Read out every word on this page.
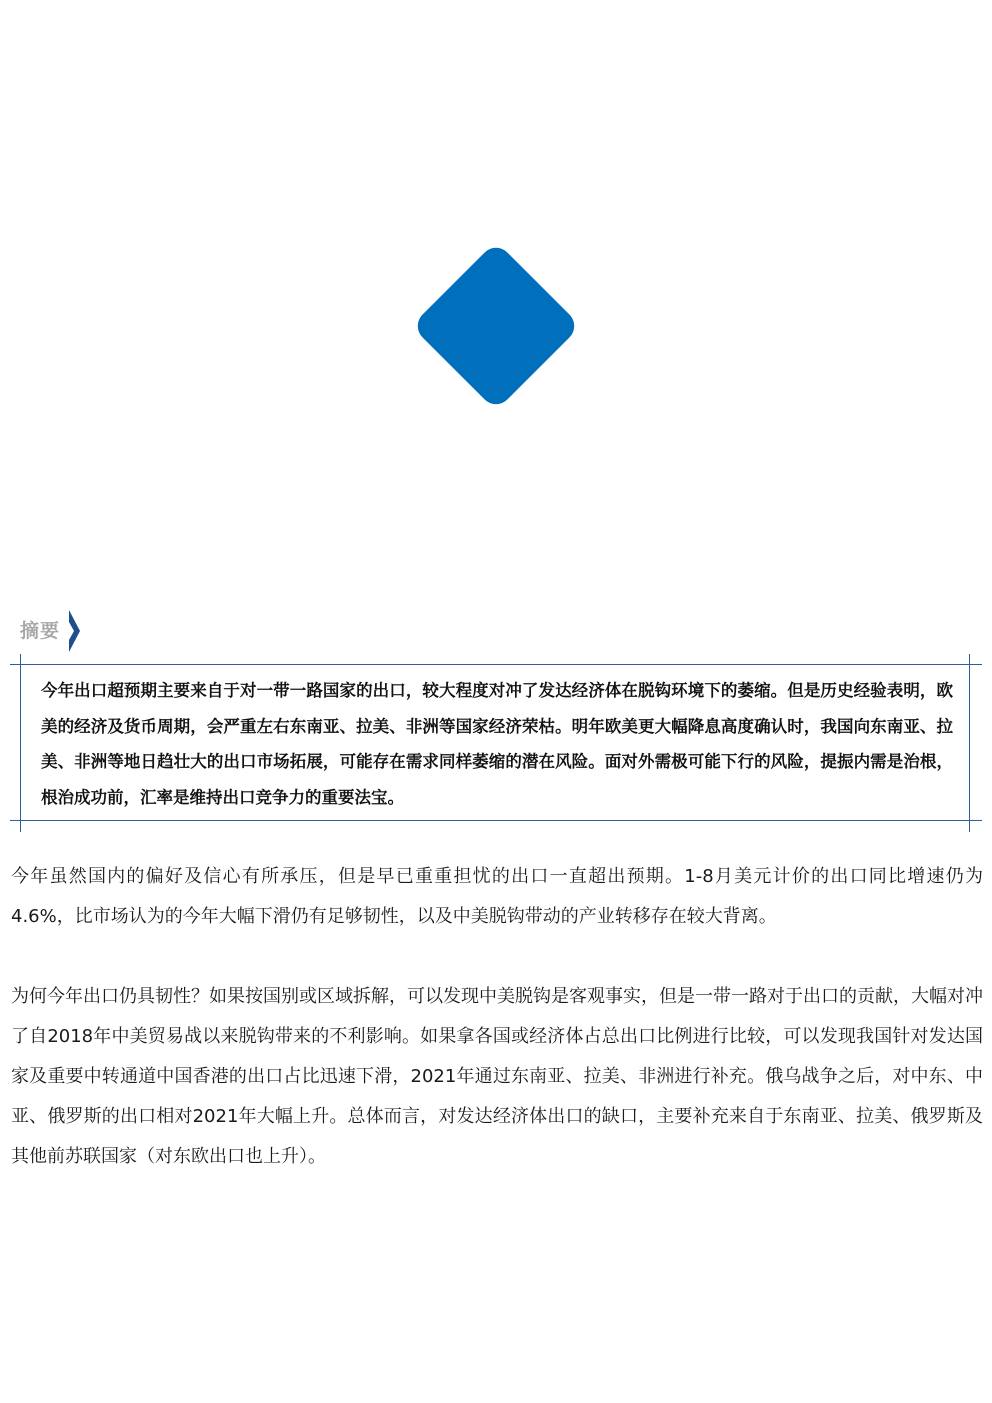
摘要
今年出口超预期主要来自于对一带一路国家的出口，较大程度对冲了发达经济体在脱钩环境下的萎缩。但是历史经验表明，欧美的经济及货币周期，会严重左右东南亚、拉美、非洲等国家经济荣枯。明年欧美更大幅降息高度确认时，我国向东南亚、拉美、非洲等地日趋壮大的出口市场拓展，可能存在需求同样萎缩的潜在风险。面对外需极可能下行的风险，提振内需是治根，根治成功前，汇率是维持出口竞争力的重要法宝。
今年虽然国内的偏好及信心有所承压，但是早已重重担忧的出口一直超出预期。1-8月美元计价的出口同比增速仍为4.6%，比市场认为的今年大幅下滑仍有足够韧性，以及中美脱钩带动的产业转移存在较大背离。
为何今年出口仍具韧性？如果按国别或区域拆解，可以发现中美脱钩是客观事实，但是一带一路对于出口的贡献，大幅对冲了自2018年中美贸易战以来脱钩带来的不利影响。如果拿各国或经济体占总出口比例进行比较，可以发现我国针对发达国家及重要中转通道中国香港的出口占比迅速下滑，2021年通过东南亚、拉美、非洲进行补充。俄乌战争之后，对中东、中亚、俄罗斯的出口相对2021年大幅上升。总体而言，对发达经济体出口的缺口，主要补充来自于东南亚、拉美、俄罗斯及其他前苏联国家（对东欧出口也上升）。
